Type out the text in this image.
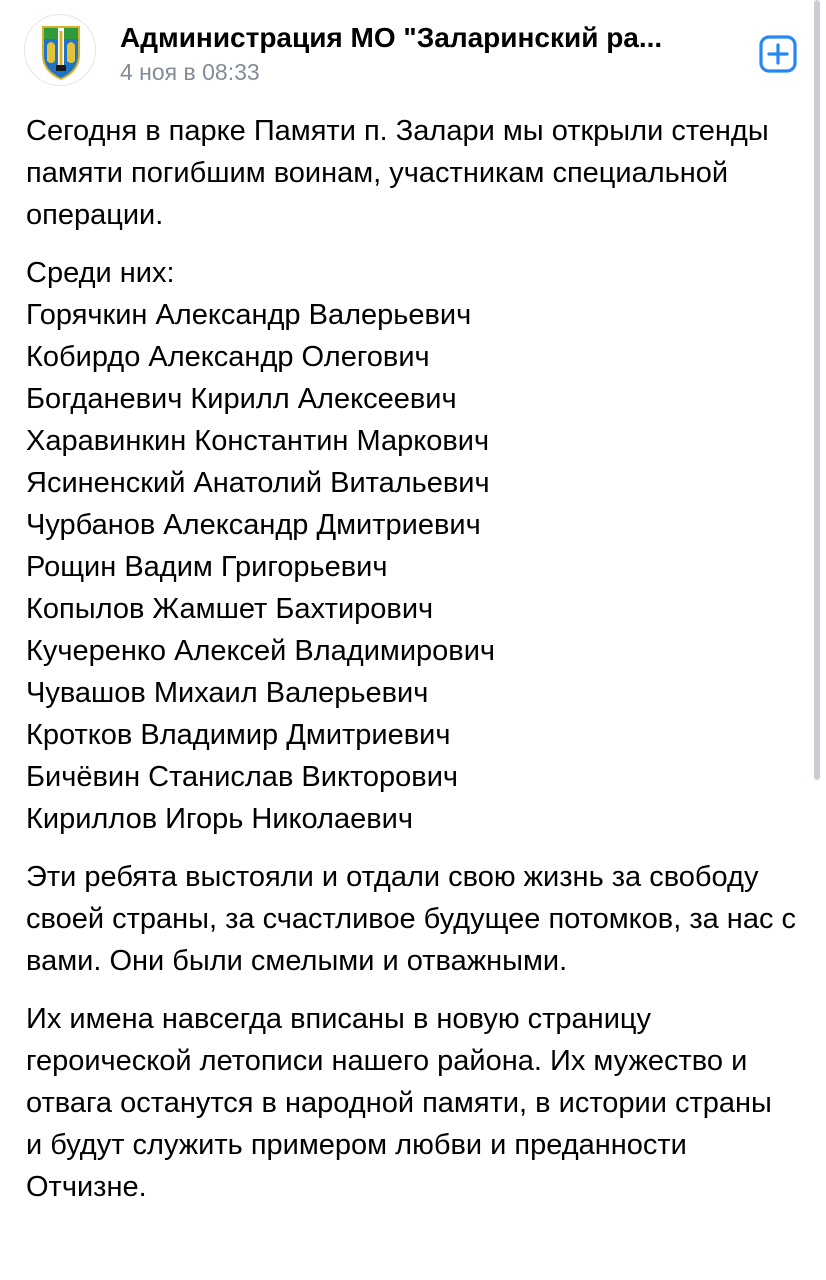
Администрация МО "Заларинский ра...
4 ноя в 08:33

Сегодня в парке Памяти п. Залари мы открыли стенды памяти погибшим воинам, участникам специальной операции.

Среди них:

Горячкин Александр Валерьевич
Кобирдо Александр Олегович
Богданевич Кирилл Алексеевич
Харавинкин Константин Маркович
Ясиненский Анатолий Витальевич
Чурбанов Александр Дмитриевич
Рощин Вадим Григорьевич
Копылов Жамшет Бахтирович
Кучеренко Алексей Владимирович
Чувашов Михаил Валерьевич
Кротков Владимир Дмитриевич
Бичёвин Станислав Викторович
Кириллов Игорь Николаевич

Эти ребята выстояли и отдали свою жизнь за свободу своей страны, за счастливое будущее потомков, за нас с вами. Они были смелыми и отважными.

Их имена навсегда вписаны в новую страницу героической летописи нашего района. Их мужество и отвага останутся в народной памяти, в истории страны и будут служить примером любви и преданности Отчизне.
